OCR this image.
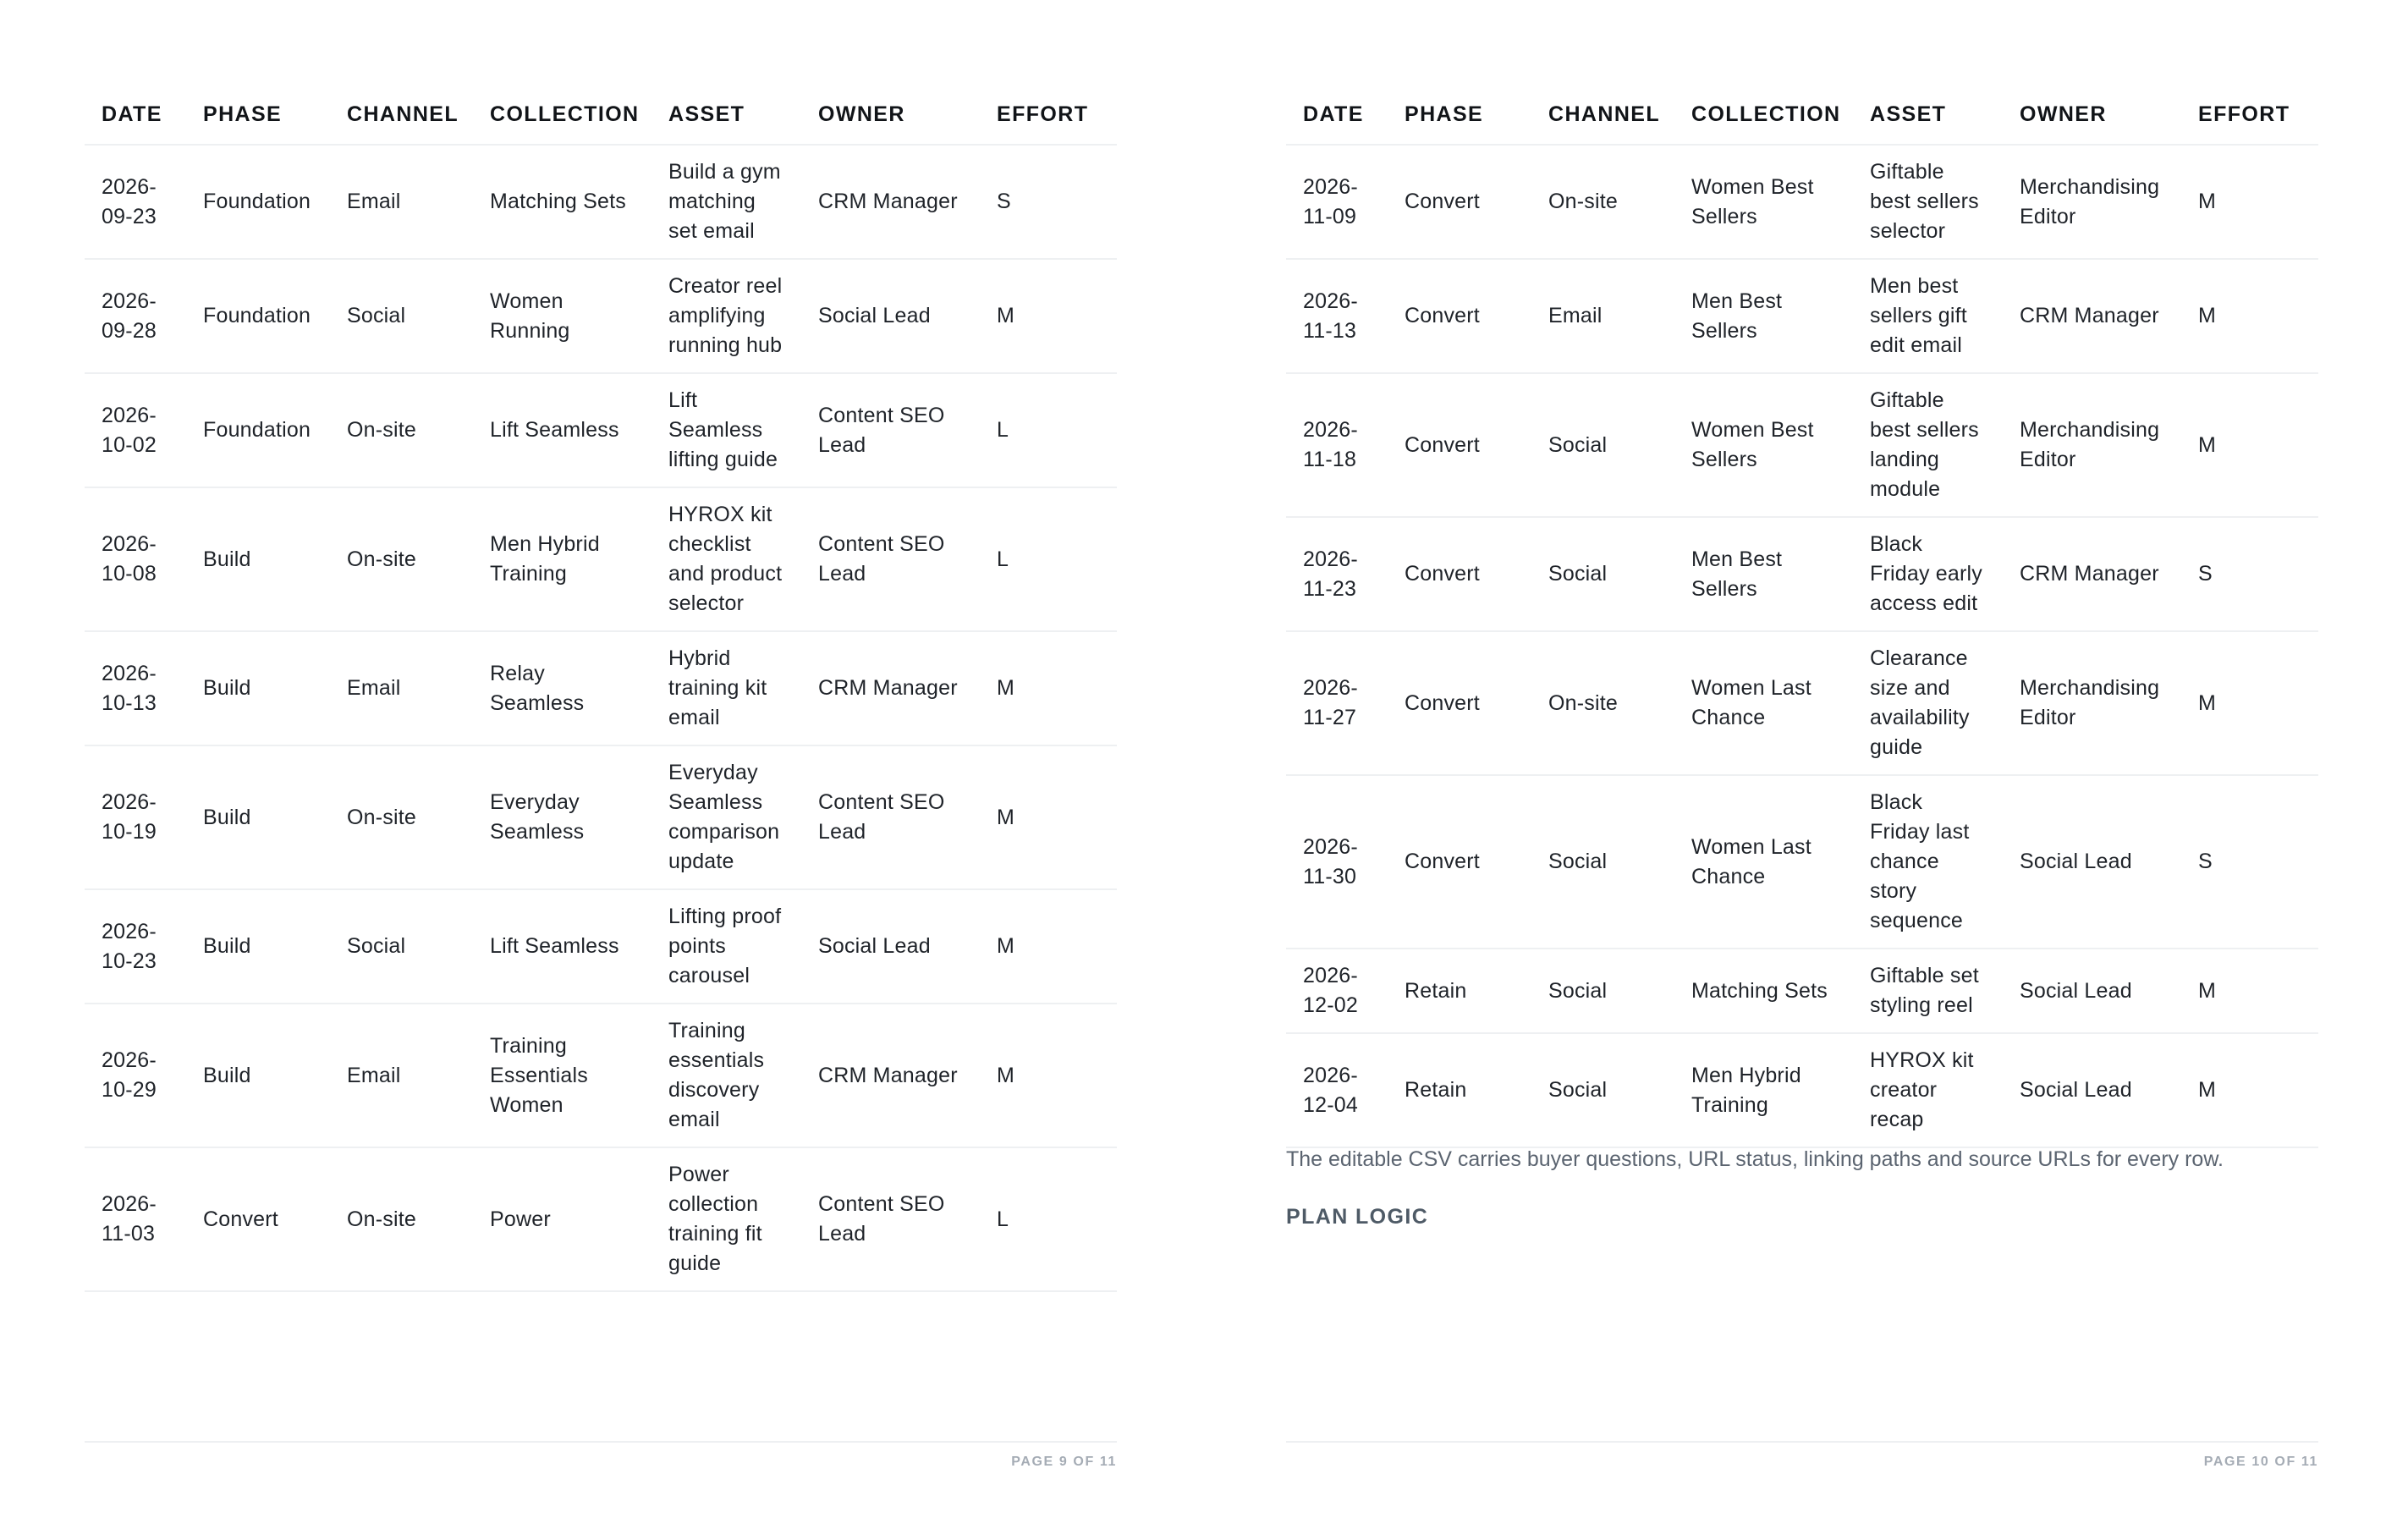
DATE	PHASE	CHANNEL	COLLECTION	ASSET	OWNER	EFFORT
2026-09-23	Foundation	Email	Matching Sets	Build a gym matching set email	CRM Manager	S
2026-09-28	Foundation	Social	Women Running	Creator reel amplifying running hub	Social Lead	M
2026-10-02	Foundation	On-site	Lift Seamless	Lift Seamless lifting guide	Content SEO Lead	L
2026-10-08	Build	On-site	Men Hybrid Training	HYROX kit checklist and product selector	Content SEO Lead	L
2026-10-13	Build	Email	Relay Seamless	Hybrid training kit email	CRM Manager	M
2026-10-19	Build	On-site	Everyday Seamless	Everyday Seamless comparison update	Content SEO Lead	M
2026-10-23	Build	Social	Lift Seamless	Lifting proof points carousel	Social Lead	M
2026-10-29	Build	Email	Training Essentials Women	Training essentials discovery email	CRM Manager	M
2026-11-03	Convert	On-site	Power	Power collection training fit guide	Content SEO Lead	L
PAGE 9 OF 11
DATE	PHASE	CHANNEL	COLLECTION	ASSET	OWNER	EFFORT
2026-11-09	Convert	On-site	Women Best Sellers	Giftable best sellers selector	Merchandising Editor	M
2026-11-13	Convert	Email	Men Best Sellers	Men best sellers gift edit email	CRM Manager	M
2026-11-18	Convert	Social	Women Best Sellers	Giftable best sellers landing module	Merchandising Editor	M
2026-11-23	Convert	Social	Men Best Sellers	Black Friday early access edit	CRM Manager	S
2026-11-27	Convert	On-site	Women Last Chance	Clearance size and availability guide	Merchandising Editor	M
2026-11-30	Convert	Social	Women Last Chance	Black Friday last chance story sequence	Social Lead	S
2026-12-02	Retain	Social	Matching Sets	Giftable set styling reel	Social Lead	M
2026-12-04	Retain	Social	Men Hybrid Training	HYROX kit creator recap	Social Lead	M
The editable CSV carries buyer questions, URL status, linking paths and source URLs for every row.
PLAN LOGIC
PAGE 10 OF 11
